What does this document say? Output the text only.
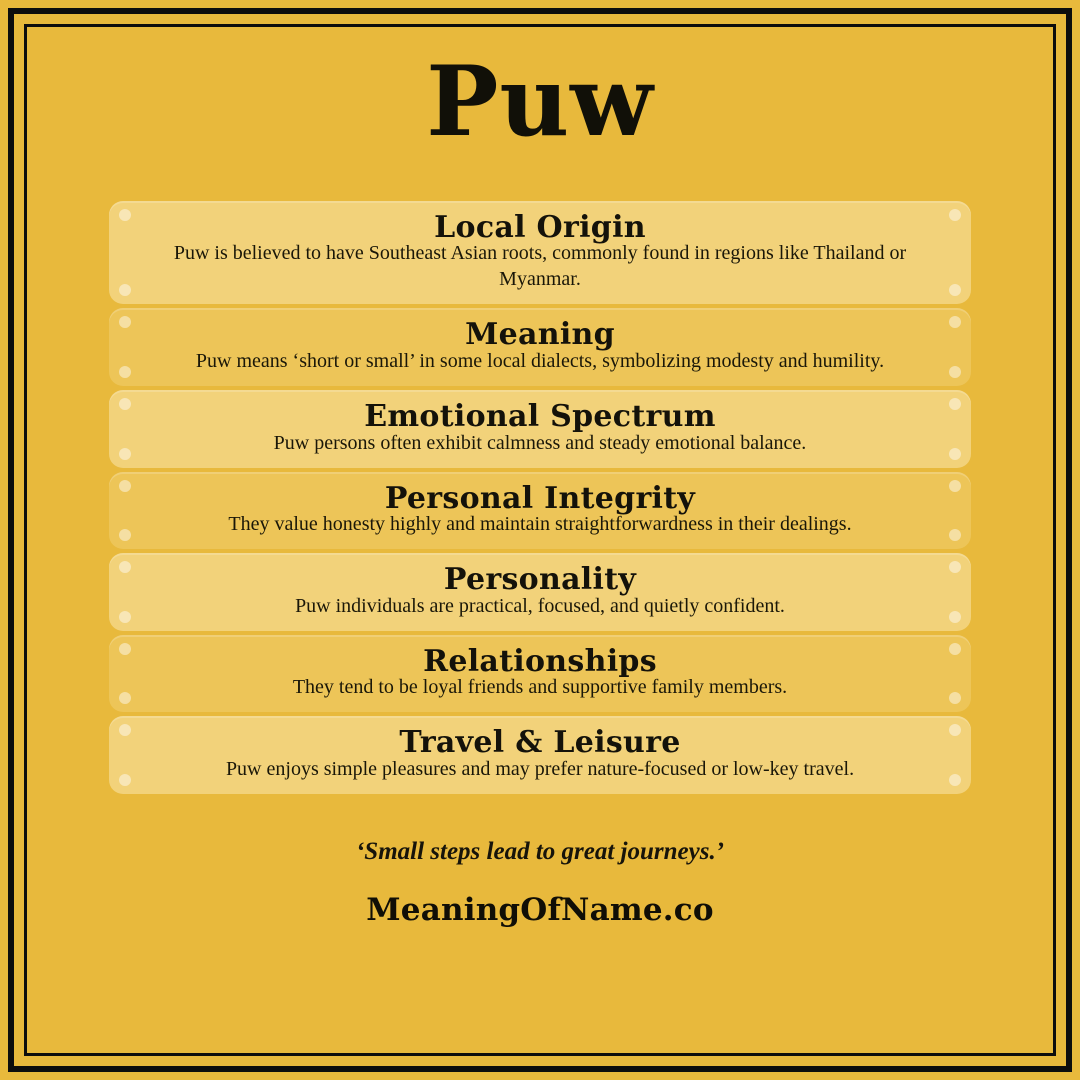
Puw
Local Origin
Puw is believed to have Southeast Asian roots, commonly found in regions like Thailand or Myanmar.
Meaning
Puw means ‘short or small’ in some local dialects, symbolizing modesty and humility.
Emotional Spectrum
Puw persons often exhibit calmness and steady emotional balance.
Personal Integrity
They value honesty highly and maintain straightforwardness in their dealings.
Personality
Puw individuals are practical, focused, and quietly confident.
Relationships
They tend to be loyal friends and supportive family members.
Travel & Leisure
Puw enjoys simple pleasures and may prefer nature-focused or low-key travel.
‘Small steps lead to great journeys.’
MeaningOfName.co
